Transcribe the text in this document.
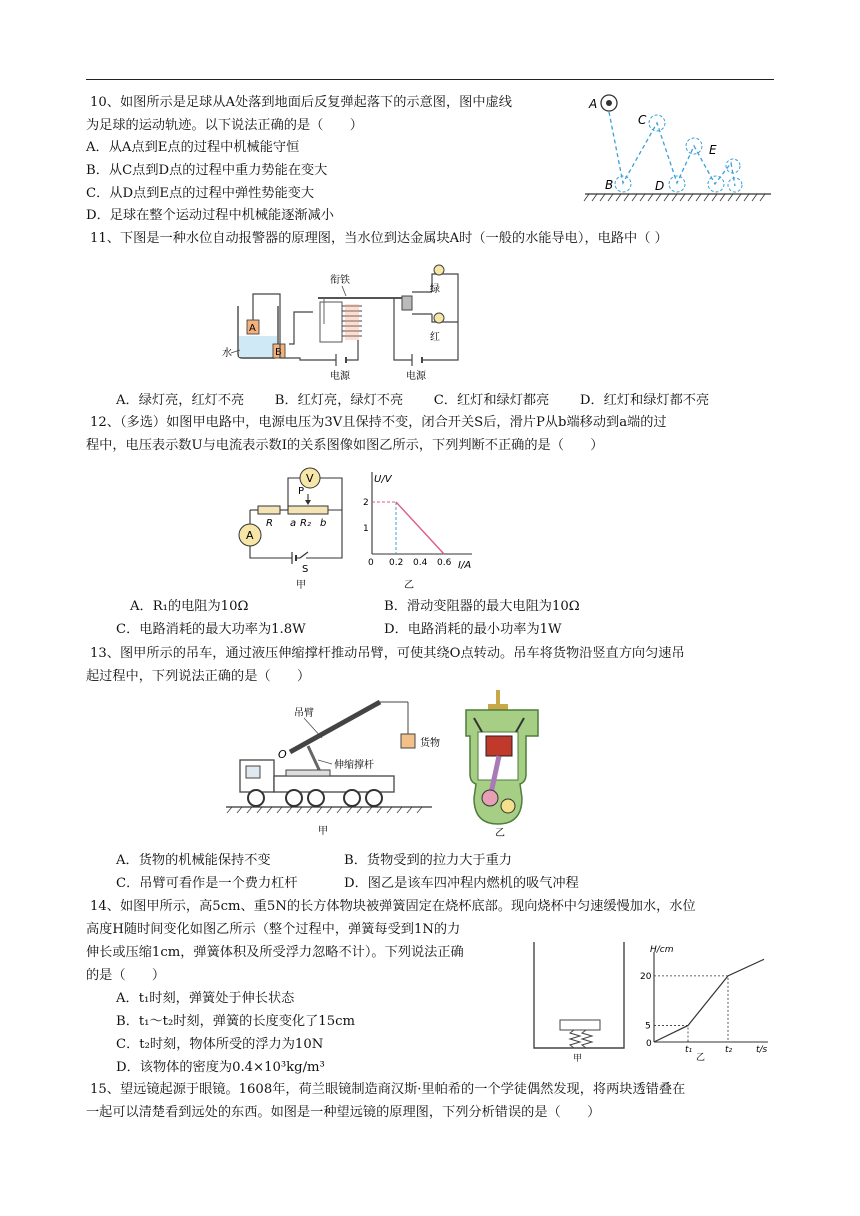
10、如图所示是足球从A处落到地面后反复弹起落下的示意图，图中虚线
为足球的运动轨迹。以下说法正确的是（　　）
A．从A点到E点的过程中机械能守恒
B．从C点到D点的过程中重力势能在变大
C．从D点到E点的过程中弹性势能变大
D．足球在整个运动过程中机械能逐渐减小
A
B
C
D
E
11、下图是一种水位自动报警器的原理图，当水位到达金属块A时（一般的水能导电），电路中（ ）
A
B
水
衔铁
绿
红
电源	电源
A．绿灯亮，红灯不亮　　 B．红灯亮，绿灯不亮　　 C．红灯和绿灯都亮　　 D．红灯和绿灯都不亮
12、（多选）如图甲电路中，电源电压为3V且保持不变，闭合开关S后，滑片P从b端移动到a端的过
程中，电压表示数U与电流表示数I的关系图像如图乙所示，下列判断不正确的是（　　）
V
A
R
P
a R₂ b
S
甲
U/V
I/A
0 0.2 0.4 0.6
1
2
乙
A．R₁的电阻为10Ω	B．滑动变阻器的最大电阻为10Ω
C．电路消耗的最大功率为1.8W	D．电路消耗的最小功率为1W
13、图甲所示的吊车，通过液压伸缩撑杆推动吊臂，可使其绕O点转动。吊车将货物沿竖直方向匀速吊
起过程中，下列说法正确的是（　　）
货物
吊臂
O
伸缩撑杆
甲	乙
A．货物的机械能保持不变	B．货物受到的拉力大于重力
C．吊臂可看作是一个费力杠杆	D．图乙是该车四冲程内燃机的吸气冲程
14、如图甲所示，高5cm、重5N的长方体物块被弹簧固定在烧杯底部。现向烧杯中匀速缓慢加水，水位
高度H随时间变化如图乙所示（整个过程中，弹簧每受到1N的力
伸长或压缩1cm，弹簧体积及所受浮力忽略不计）。下列说法正确
的是（　　）
A．t₁时刻，弹簧处于伸长状态
B．t₁～t₂时刻，弹簧的长度变化了15cm
C．t₂时刻，物体所受的浮力为10N
D．该物体的密度为0.4×10³kg/m³
甲
H/cm
t/s
0
5
20
t₁	t₂
乙
15、望远镜起源于眼镜。1608年，荷兰眼镜制造商汉斯·里帕希的一个学徒偶然发现，将两块透错叠在
一起可以清楚看到远处的东西。如图是一种望远镜的原理图，下列分析错误的是（　　）
